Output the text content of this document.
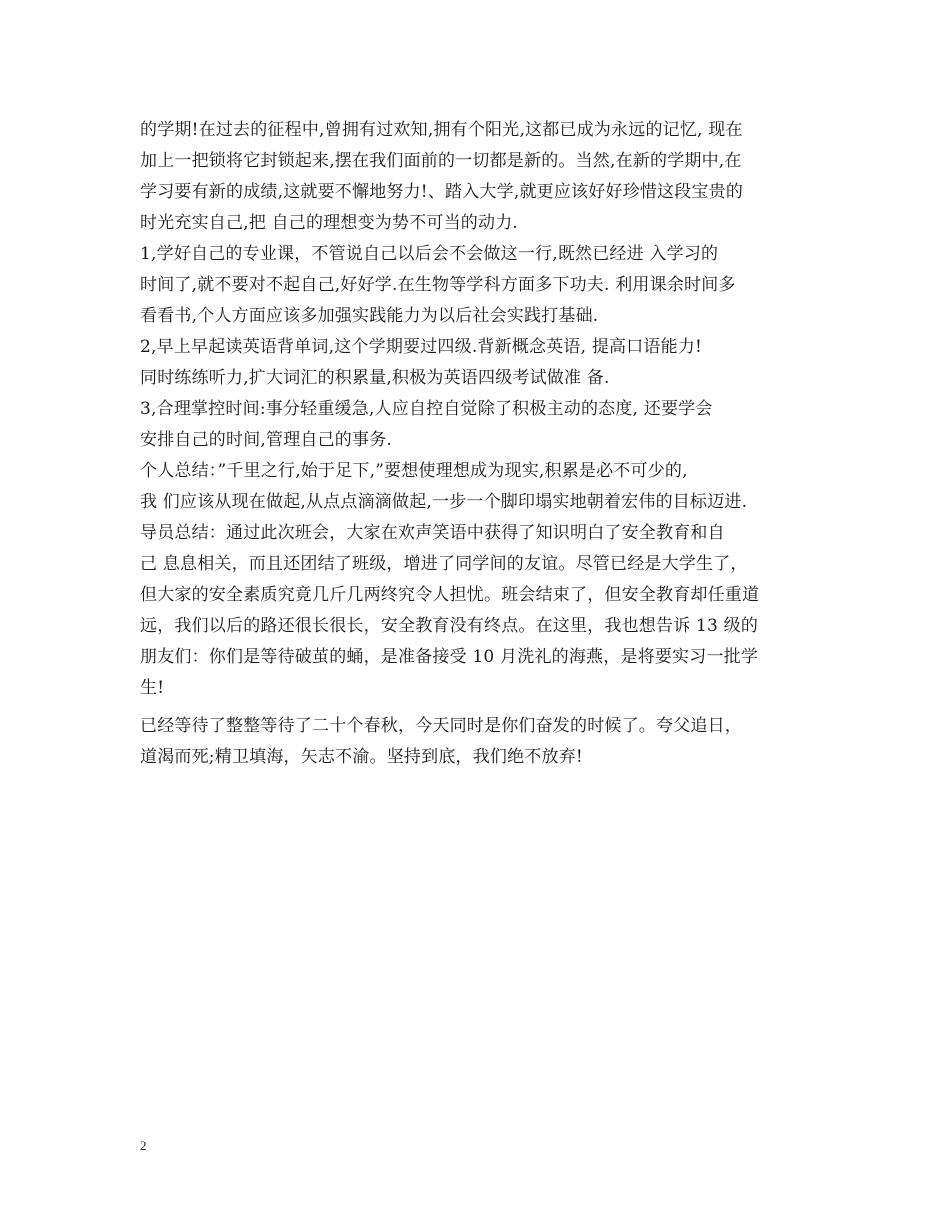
的学期!在过去的征程中,曾拥有过欢知,拥有个阳光,这都已成为永远的记忆, 现在
加上一把锁将它封锁起来,摆在我们面前的一切都是新的。当然,在新的学期中,在
学习要有新的成绩,这就要不懈地努力!、踏入大学,就更应该好好珍惜这段宝贵的
时光充实自己,把 自己的理想变为势不可当的动力.
1,学好自己的专业课，不管说自己以后会不会做这一行,既然已经进 入学习的
时间了,就不要对不起自己,好好学.在生物等学科方面多下功夫. 利用课余时间多
看看书,个人方面应该多加强实践能力为以后社会实践打基础.
2,早上早起读英语背单词,这个学期要过四级.背新概念英语, 提高口语能力!
同时练练听力,扩大词汇的积累量,积极为英语四级考试做准 备.
3,合理掌控时间:事分轻重缓急,人应自控自觉除了积极主动的态度, 还要学会
安排自己的时间,管理自己的事务.
个人总结：”千里之行,始于足下,”要想使理想成为现实,积累是必不可少的,
我 们应该从现在做起,从点点滴滴做起,一步一个脚印塌实地朝着宏伟的目标迈进.
导员总结：通过此次班会，大家在欢声笑语中获得了知识明白了安全教育和自
己 息息相关，而且还团结了班级，增进了同学间的友谊。尽管已经是大学生了，
但大家的安全素质究竟几斤几两终究令人担忧。班会结束了，但安全教育却任重道
远，我们以后的路还很长很长，安全教育没有终点。在这里，我也想告诉 13 级的
朋友们：你们是等待破茧的蛹，是准备接受 10 月洗礼的海燕，是将要实习一批学
生!
已经等待了整整等待了二十个春秋，今天同时是你们奋发的时候了。夸父追日，
道渴而死;精卫填海，矢志不渝。坚持到底，我们绝不放弃!
2
